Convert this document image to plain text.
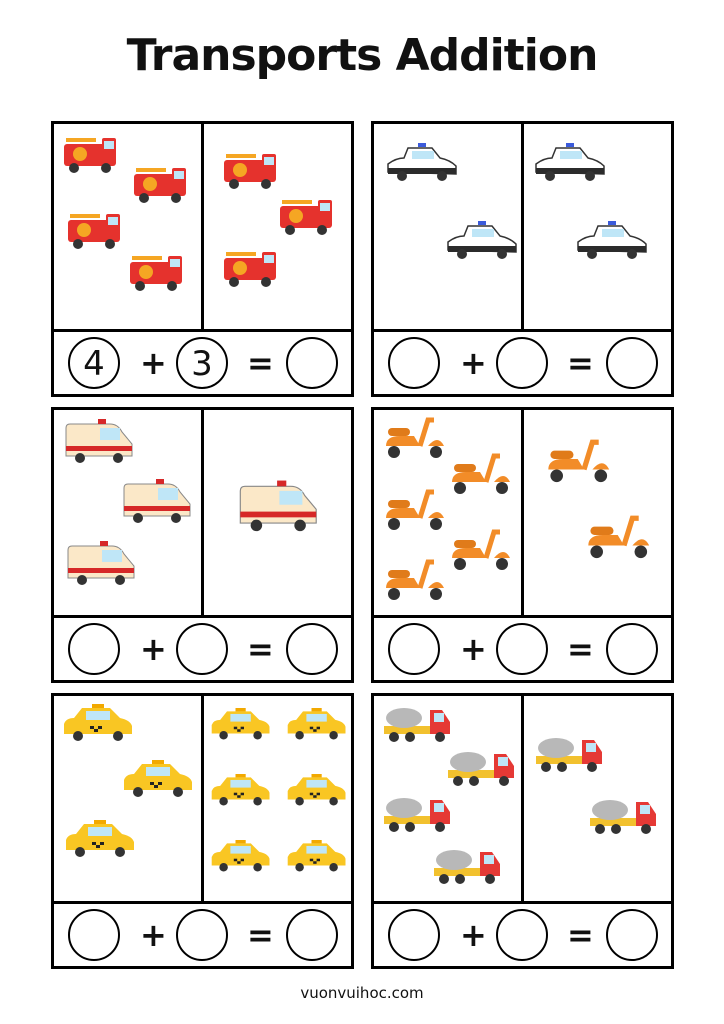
Transports Addition
4	+ 3	=	+	=
+	=	+	=
+	=	+	=
vuonvuihoc.com
